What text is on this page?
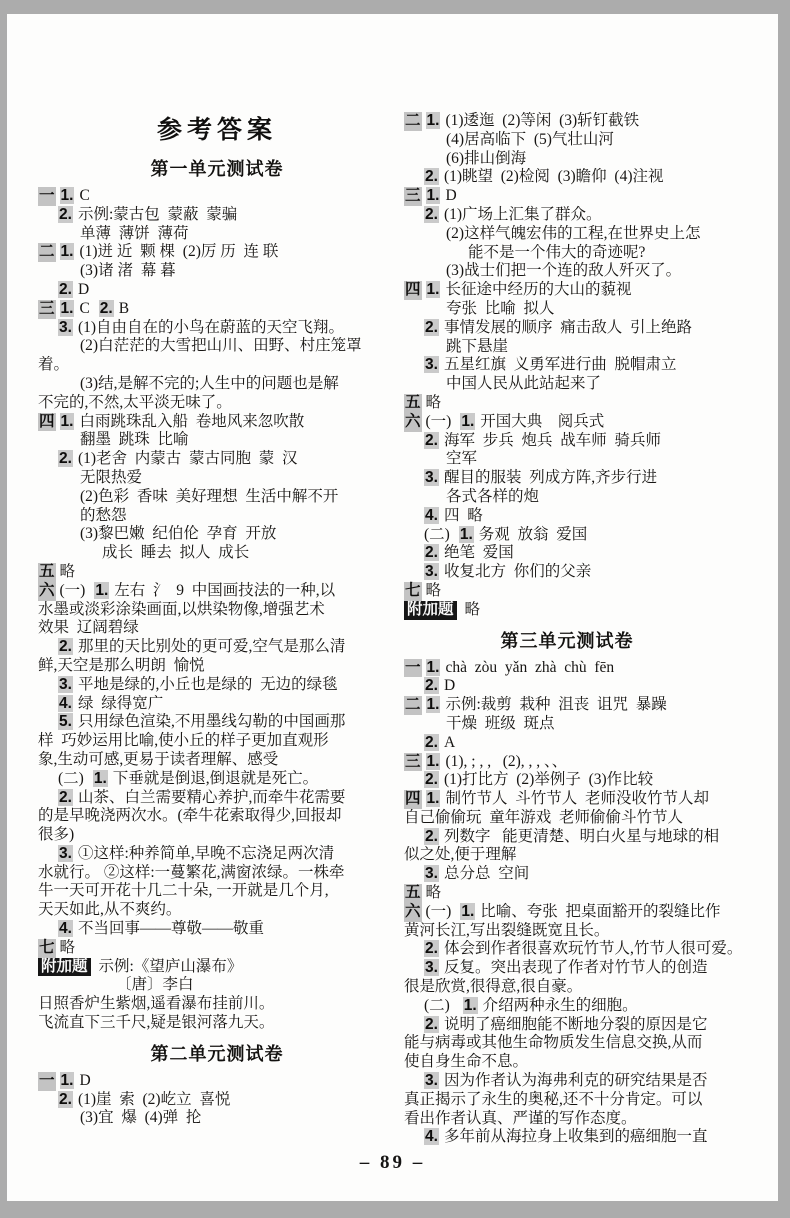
参考答案
第一单元测试卷
一 1. C
2. 示例:蒙古包  蒙蔽  蒙骗
单薄  薄饼  薄荷
二 1. (1)迸 近  颗 棵  (2)厉 历  连 联
(3)诸 渚  幕 暮
2. D
三 1. C 2. B
3. (1)自由自在的小鸟在蔚蓝的天空飞翔。
(2)白茫茫的大雪把山川、田野、村庄笼罩
着。
(3)结,是解不完的;人生中的问题也是解
不完的,不然,太平淡无味了。
四 1. 白雨跳珠乱入船  卷地风来忽吹散
翻墨  跳珠  比喻
2. (1)老舍  内蒙古  蒙古同胞  蒙  汉
无限热爱
(2)色彩  香味  美好理想  生活中解不开
的愁怨
(3)黎巴嫩  纪伯伦  孕育  开放
成长  睡去  拟人  成长
五 略
六 (一) 1. 左右  氵  9  中国画技法的一种,以
水墨或淡彩涂染画面,以烘染物像,增强艺术
效果  辽阔碧绿
2. 那里的天比别处的更可爱,空气是那么清
鲜,天空是那么明朗  愉悦
3. 平地是绿的,小丘也是绿的  无边的绿毯
4. 绿  绿得宽广
5. 只用绿色渲染,不用墨线勾勒的中国画那
样  巧妙运用比喻,使小丘的样子更加直观形
象,生动可感,更易于读者理解、感受
(二) 1. 下垂就是倒退,倒退就是死亡。
2. 山茶、白兰需要精心养护,而牵牛花需要
的是早晚浇两次水。(牵牛花索取得少,回报却
很多)
3. ①这样:种养简单,早晚不忘浇足两次清
水就行。 ②这样:一蔓繁花,满窗浓绿。一株牵
牛一天可开花十几二十朵, 一开就是几个月,
天天如此,从不爽约。
4. 不当回事——尊敬——敬重
七 略
附加题 示例:《望庐山瀑布》
〔唐〕李白
日照香炉生紫烟,遥看瀑布挂前川。
飞流直下三千尺,疑是银河落九天。
第二单元测试卷
一 1. D
2. (1)崖  索  (2)屹立  喜悦
(3)宜  爆  (4)弹  抡
二 1. (1)逶迤  (2)等闲  (3)斩钉截铁
(4)居高临下  (5)气壮山河
(6)排山倒海
2. (1)眺望  (2)检阅  (3)瞻仰  (4)注视
三 1. D
2. (1)广场上汇集了群众。
(2)这样气魄宏伟的工程,在世界史上怎
能不是一个伟大的奇迹呢?
(3)战士们把一个连的敌人歼灭了。
四 1. 长征途中经历的大山的藐视
夸张  比喻  拟人
2. 事情发展的顺序  痛击敌人  引上绝路
跳下悬崖
3. 五星红旗  义勇军进行曲  脱帽肃立
中国人民从此站起来了
五 略
六 (一) 1. 开国大典    阅兵式
2. 海军  步兵  炮兵  战车师  骑兵师
空军
3. 醒目的服装  列成方阵,齐步行进
各式各样的炮
4. 四  略
(二) 1. 务观  放翁  爱国
2. 绝笔  爱国
3. 收复北方  你们的父亲
七 略
附加题 略
第三单元测试卷
一 1. chà  zòu  yǎn  zhà  chù  fēn
2. D
二 1. 示例:裁剪  栽种  沮丧  诅咒  暴躁
干燥  班级  斑点
2. A
三 1. (1), ; , ,   (2), , , 、、
2. (1)打比方  (2)举例子  (3)作比较
四 1. 制竹节人  斗竹节人  老师没收竹节人却
自己偷偷玩  童年游戏  老师偷偷斗竹节人
2. 列数字   能更清楚、明白火星与地球的相
似之处,便于理解
3. 总分总  空间
五 略
六 (一) 1. 比喻、夸张  把桌面豁开的裂缝比作
黄河长江,写出裂缝既宽且长。
2. 体会到作者很喜欢玩竹节人,竹节人很可爱。
3. 反复。突出表现了作者对竹节人的创造
很是欣赏,很得意,很自豪。
(二) 1. 介绍两种永生的细胞。
2. 说明了癌细胞能不断地分裂的原因是它
能与病毒或其他生命物质发生信息交换,从而
使自身生命不息。
3. 因为作者认为海弗利克的研究结果是否
真正揭示了永生的奥秘,还不十分肯定。可以
看出作者认真、严谨的写作态度。
4. 多年前从海拉身上收集到的癌细胞一直
– 89 –
